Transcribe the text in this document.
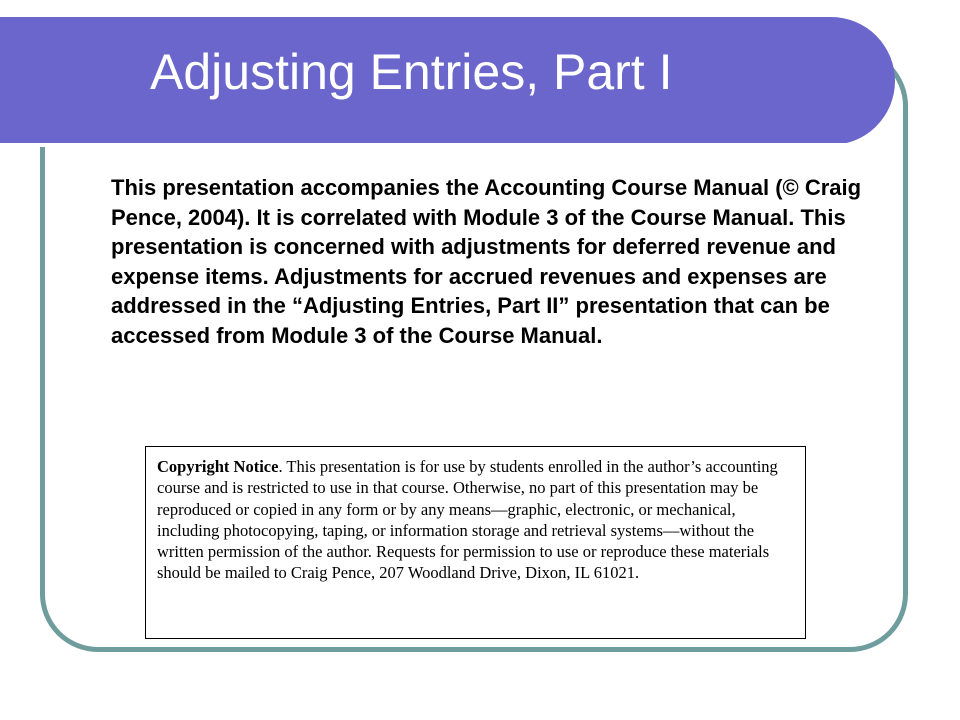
Adjusting Entries, Part I

This presentation accompanies the Accounting Course Manual (© Craig Pence, 2004). It is correlated with Module 3 of the Course Manual. This presentation is concerned with adjustments for deferred revenue and expense items. Adjustments for accrued revenues and expenses are addressed in the “Adjusting Entries, Part II” presentation that can be accessed from Module 3 of the Course Manual.

Copyright Notice. This presentation is for use by students enrolled in the author’s accounting course and is restricted to use in that course. Otherwise, no part of this presentation may be reproduced or copied in any form or by any means—graphic, electronic, or mechanical, including photocopying, taping, or information storage and retrieval systems—without the written permission of the author. Requests for permission to use or reproduce these materials should be mailed to Craig Pence, 207 Woodland Drive, Dixon, IL 61021.
